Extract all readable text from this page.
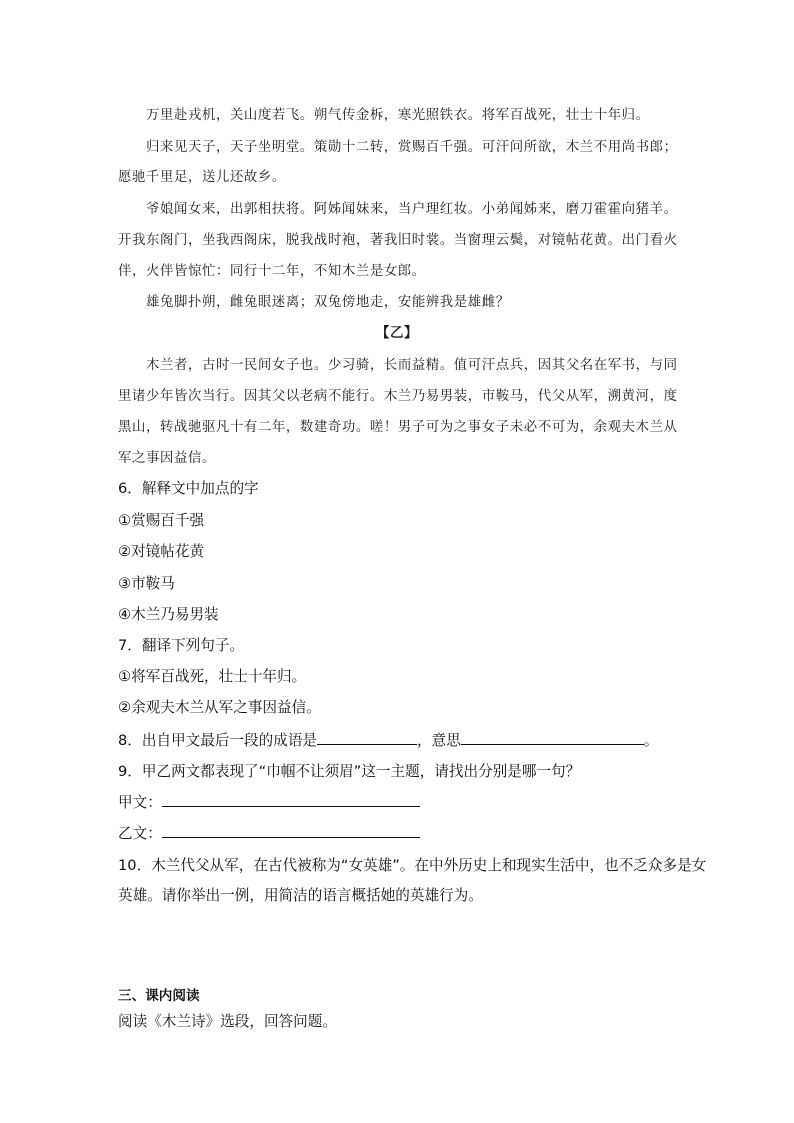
万里赴戎机，关山度若飞。朔气传金柝，寒光照铁衣。将军百战死，壮士十年归。
归来见天子，天子坐明堂。策勋十二转，赏赐百千强。可汗问所欲，木兰不用尚书郎；
愿驰千里足，送儿还故乡。
爷娘闻女来，出郭相扶将。阿姊闻妹来，当户理红妆。小弟闻姊来，磨刀霍霍向猪羊。
开我东阁门，坐我西阁床，脱我战时袍，著我旧时裳。当窗理云鬓，对镜帖花黄。出门看火
伴，火伴皆惊忙：同行十二年，不知木兰是女郎。
雄兔脚扑朔，雌兔眼迷离；双兔傍地走，安能辨我是雄雌？
【乙】
木兰者，古时一民间女子也。少习骑，长而益精。值可汗点兵，因其父名在军书，与同
里诸少年皆次当行。因其父以老病不能行。木兰乃易男装，市鞍马，代父从军，溯黄河，度
黑山，转战驰驱凡十有二年，数建奇功。嗟！男子可为之事女子未必不可为，余观夫木兰从
军之事因益信。
6．解释文中加点的字
①赏赐百千强
②对镜帖花黄
③市鞍马
④木兰乃易男装
7．翻译下列句子。
①将军百战死，壮士十年归。
②余观夫木兰从军之事因益信。
8．出自甲文最后一段的成语是	，意思	。
9．甲乙两文都表现了“巾帼不让须眉”这一主题，请找出分别是哪一句？
甲文：
乙文：
10．木兰代父从军，在古代被称为“女英雄”。在中外历史上和现实生活中，也不乏众多是女
英雄。请你举出一例，用简洁的语言概括她的英雄行为。
三、课内阅读
阅读《木兰诗》选段，回答问题。
